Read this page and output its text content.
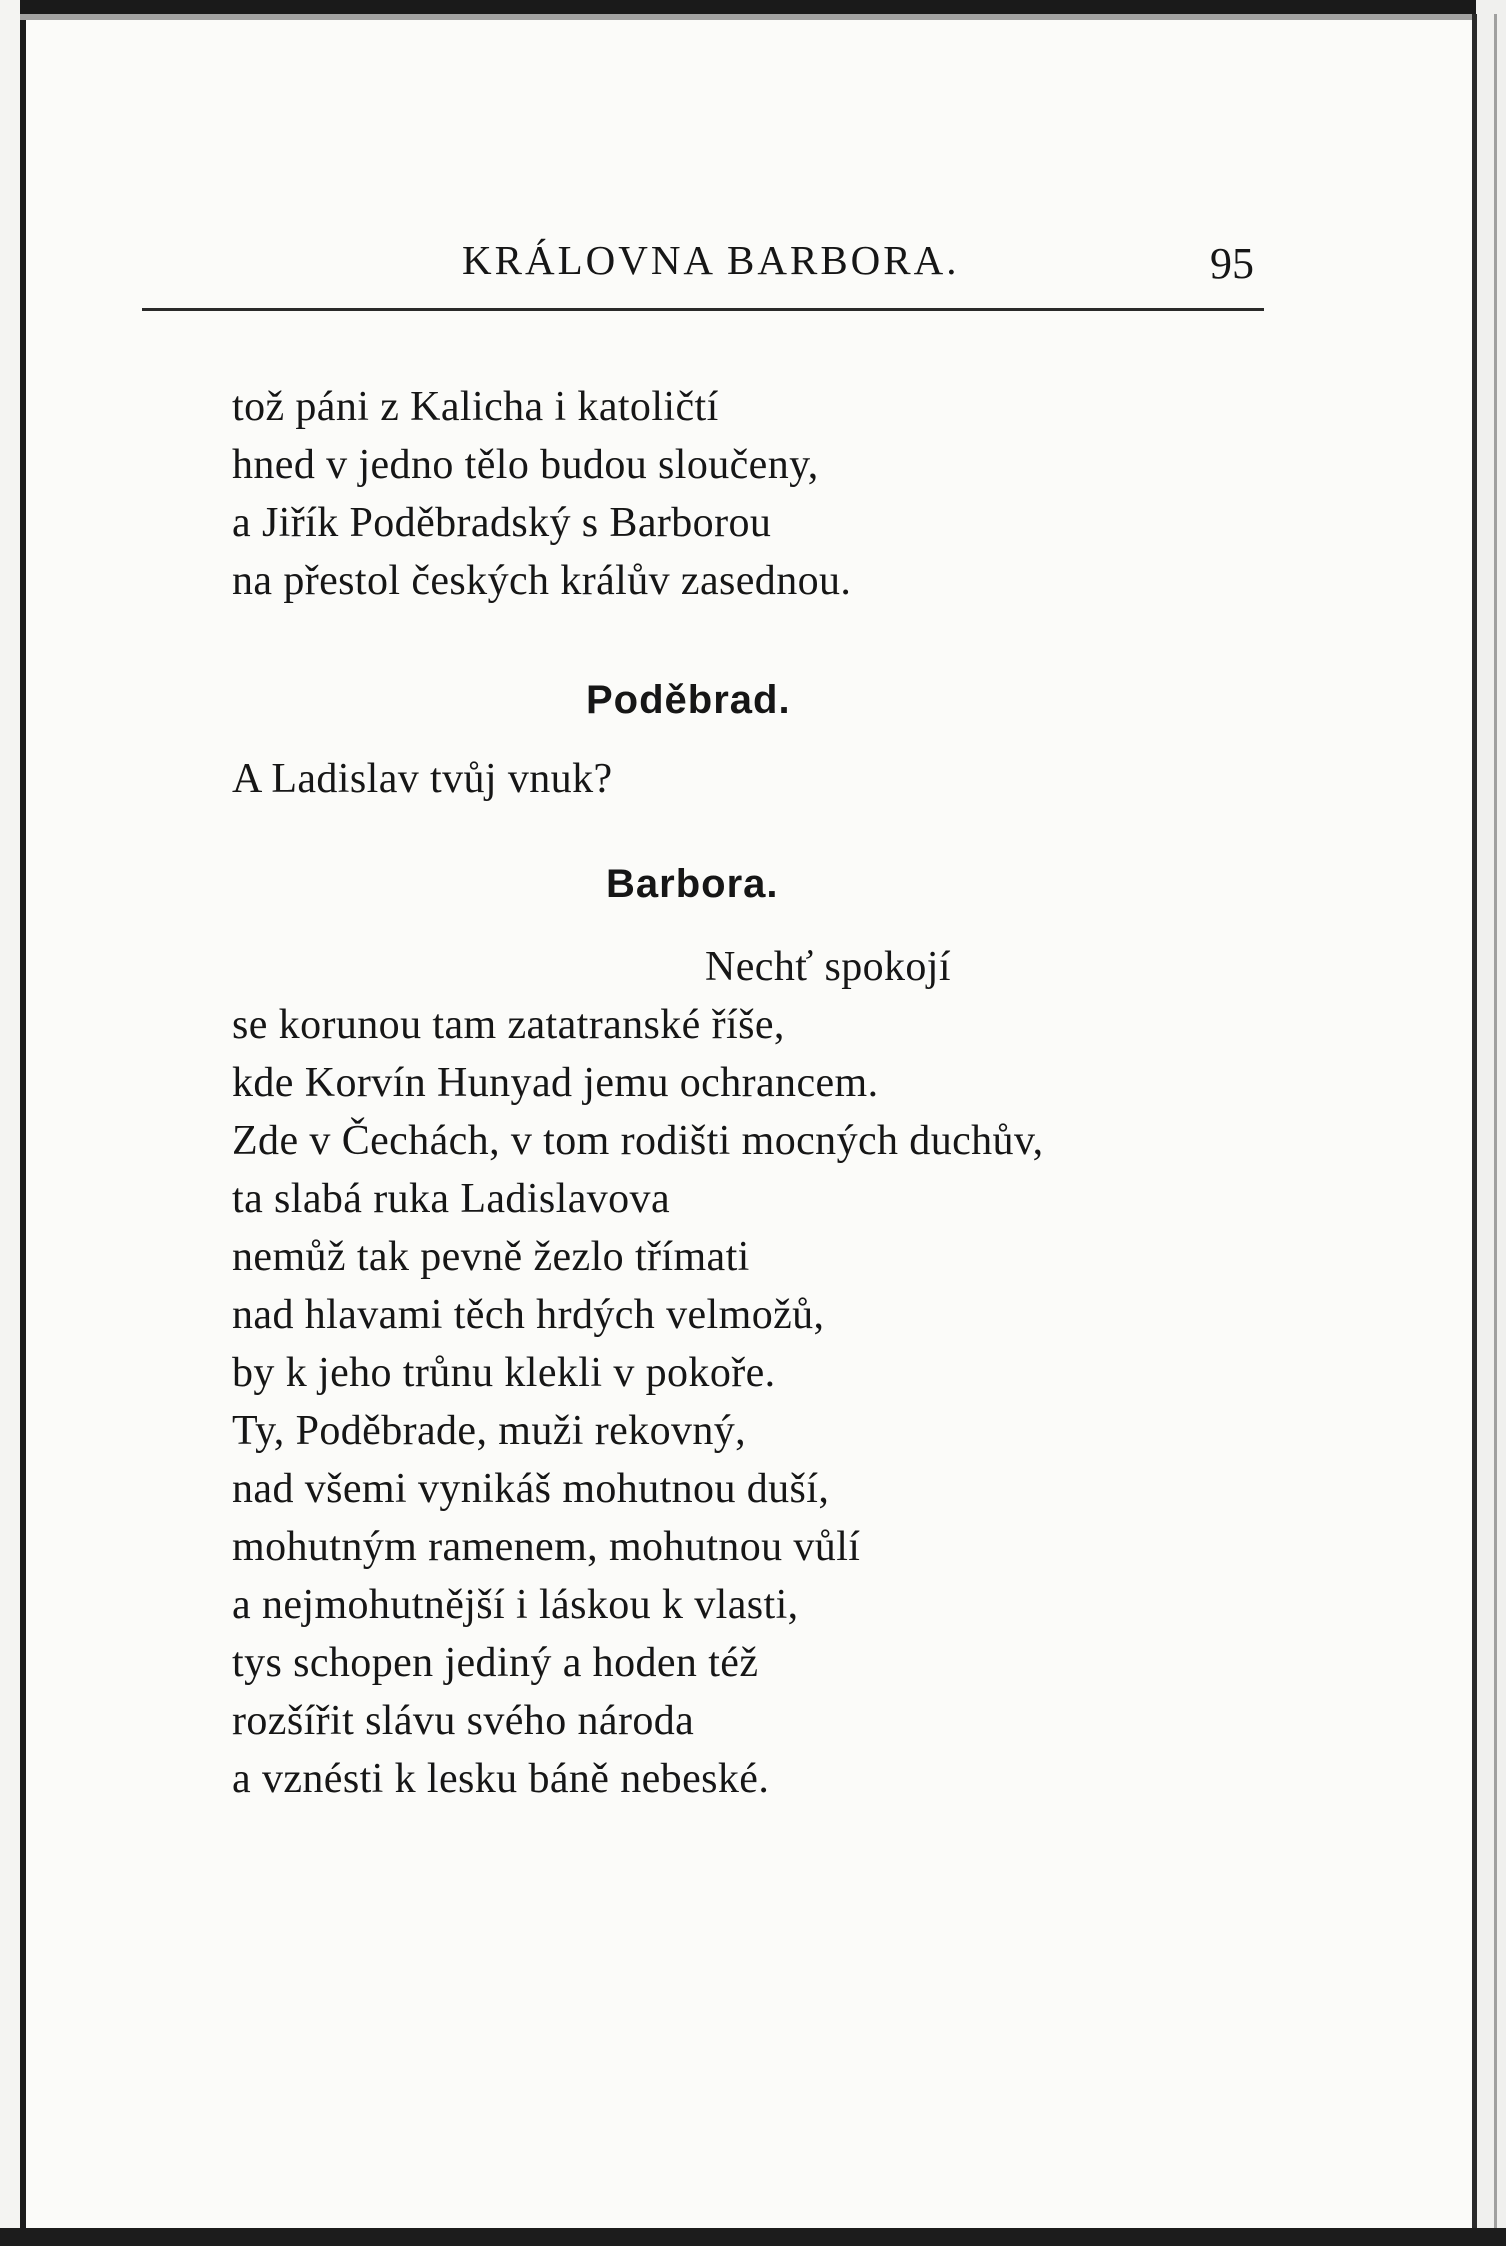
KRÁLOVNA BARBORA.	95
tož páni z Kalicha i katoličtí
hned v jedno tělo budou sloučeny,
a Jiřík Poděbradský s Barborou
na přestol českých králův zasednou.
Poděbrad.
A Ladislav tvůj vnuk?
Barbora.
Nechť spokojí
se korunou tam zatatranské říše,
kde Korvín Hunyad jemu ochrancem.
Zde v Čechách, v tom rodišti mocných duchův,
ta slabá ruka Ladislavova
nemůž tak pevně žezlo třímati
nad hlavami těch hrdých velmožů,
by k jeho trůnu klekli v pokoře.
Ty, Poděbrade, muži rekovný,
nad všemi vynikáš mohutnou duší,
mohutným ramenem, mohutnou vůlí
a nejmohutnější i láskou k vlasti,
tys schopen jediný a hoden též
rozšířit slávu svého národa
a vznésti k lesku báně nebeské.
